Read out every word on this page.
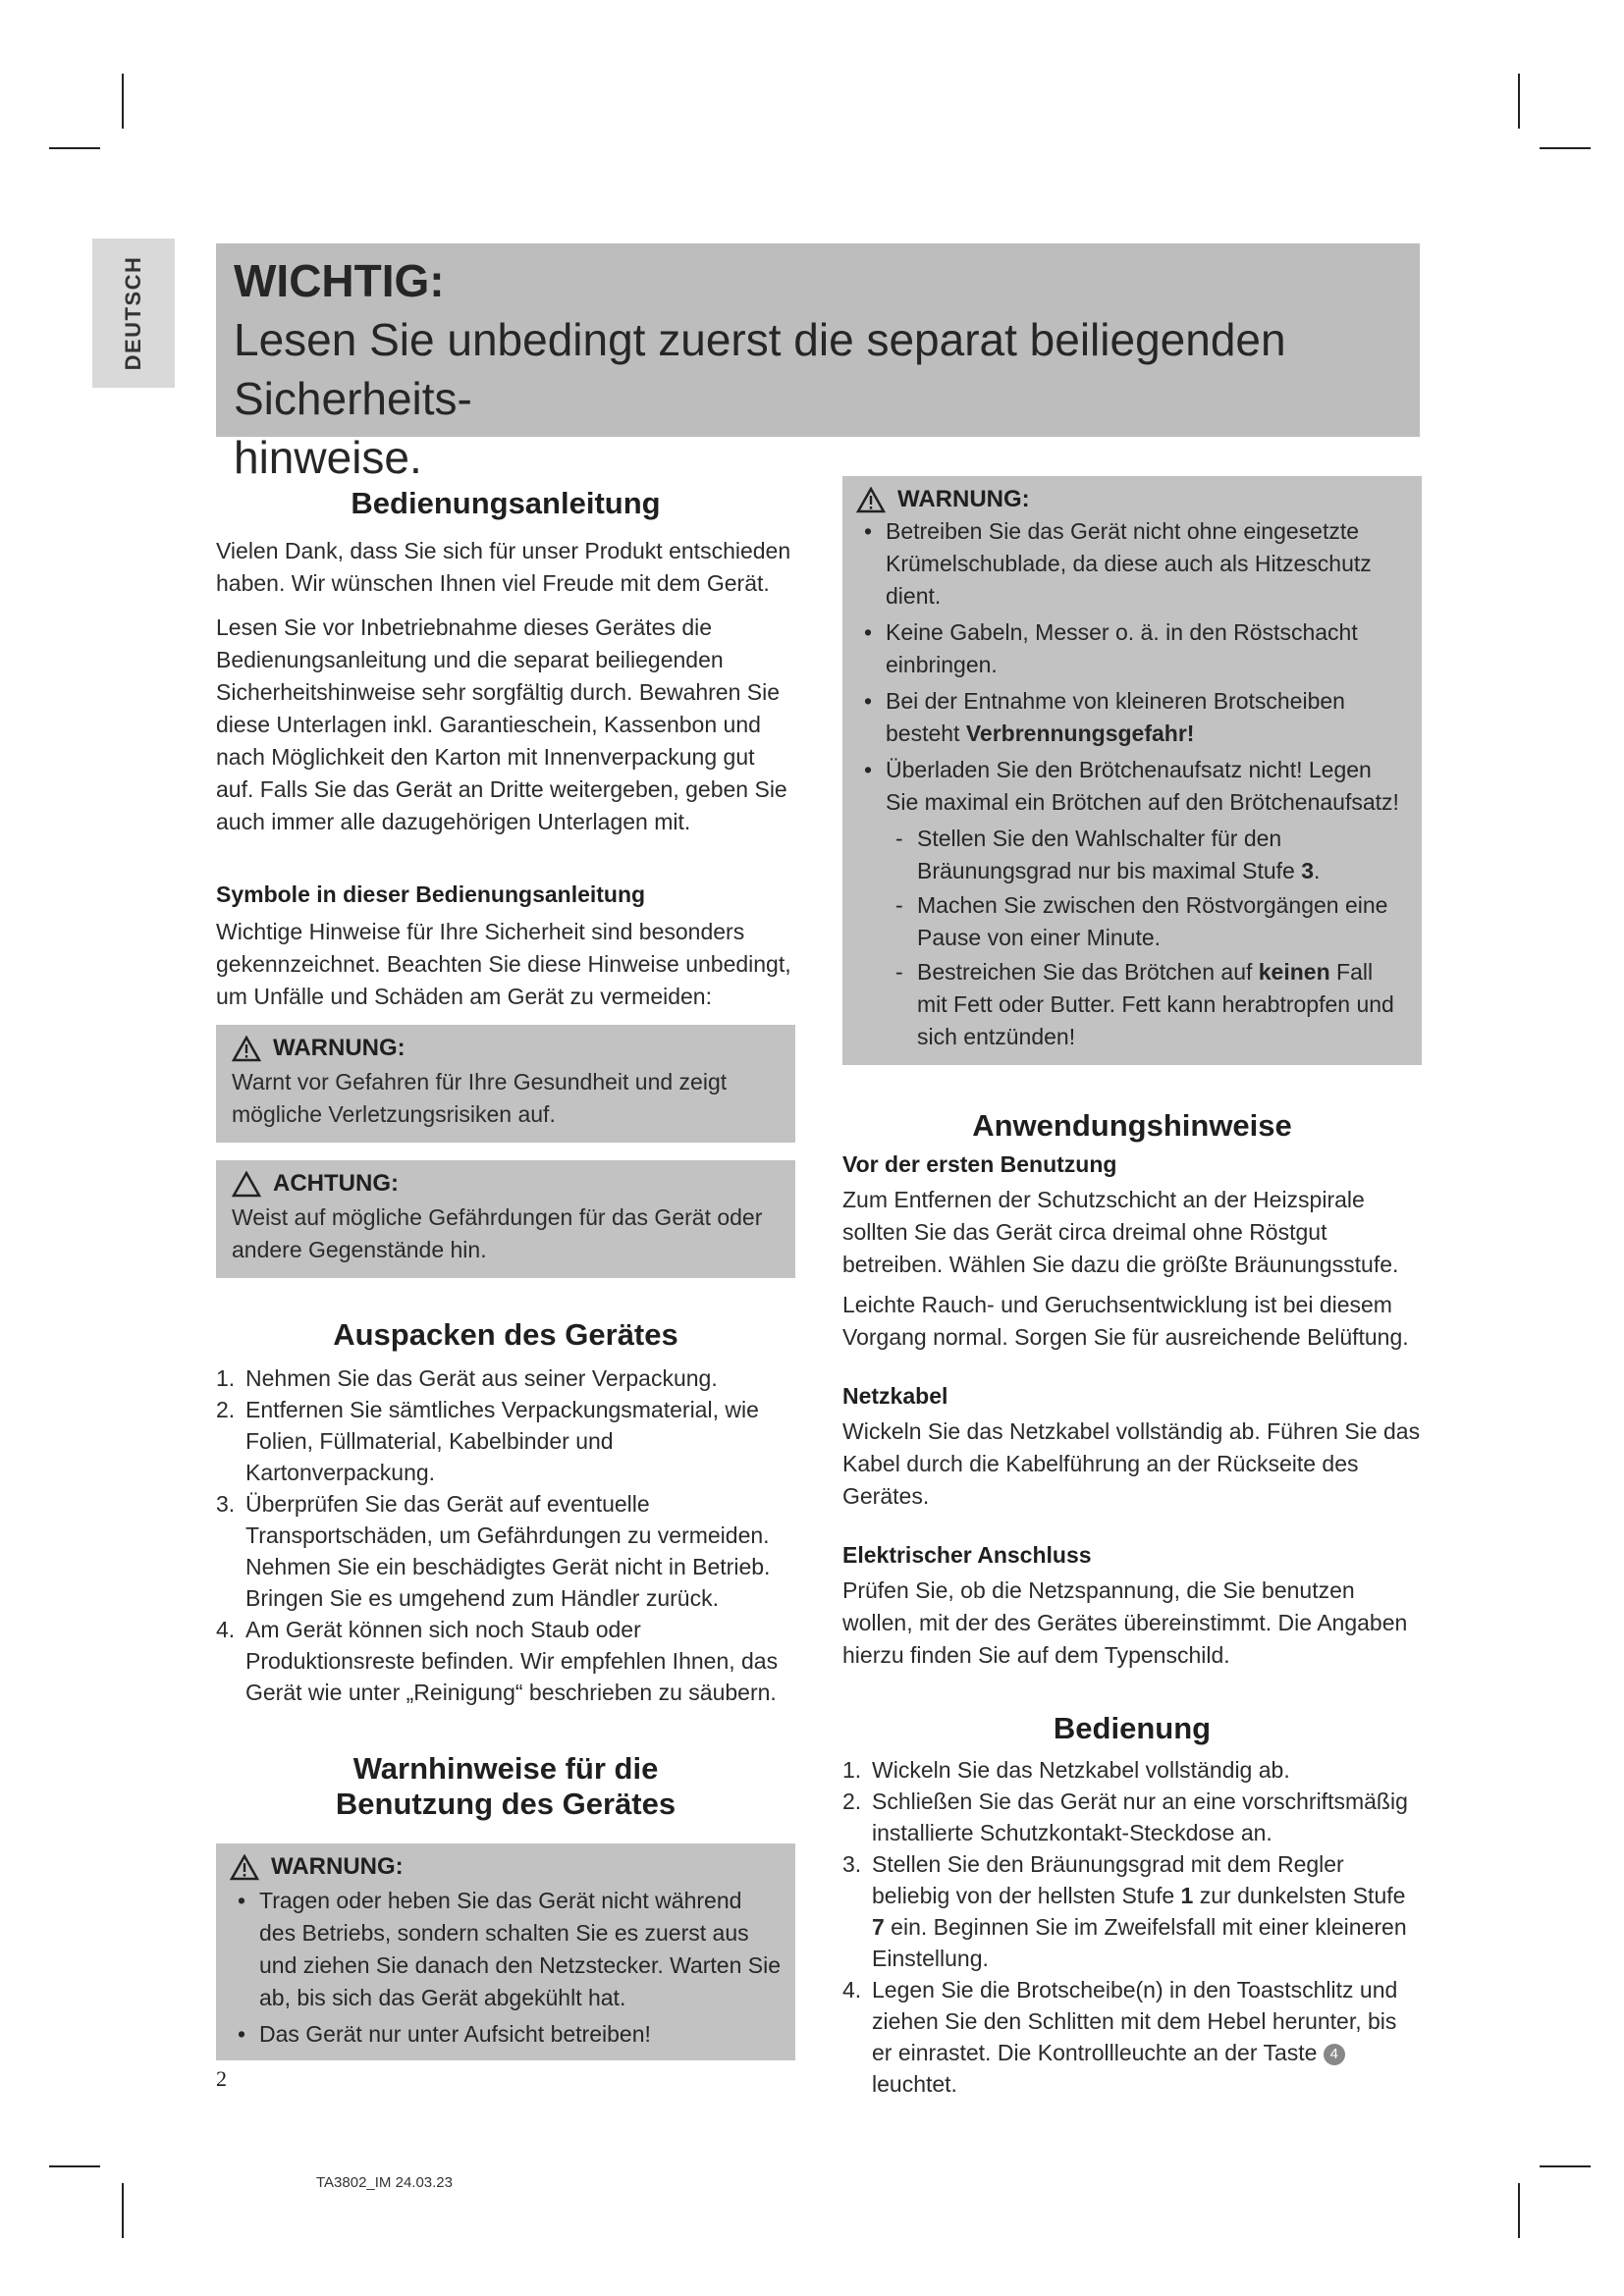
DEUTSCH WICHTIG:
Lesen Sie unbedingt zuerst die separat beiliegenden Sicherheits-
hinweise.
Bedienungsanleitung
Vielen Dank, dass Sie sich für unser Produkt entschieden haben. Wir wünschen Ihnen viel Freude mit dem Gerät.
Lesen Sie vor Inbetriebnahme dieses Gerätes die Bedienungsanleitung und die separat beiliegenden Sicherheitshinweise sehr sorgfältig durch. Bewahren Sie diese Unterlagen inkl. Garantieschein, Kassenbon und nach Möglichkeit den Karton mit Innenverpackung gut auf. Falls Sie das Gerät an Dritte weitergeben, geben Sie auch immer alle dazugehörigen Unterlagen mit.
Symbole in dieser Bedienungsanleitung
Wichtige Hinweise für Ihre Sicherheit sind besonders gekennzeichnet. Beachten Sie diese Hinweise unbedingt, um Unfälle und Schäden am Gerät zu vermeiden:
WARNUNG:
Warnt vor Gefahren für Ihre Gesundheit und zeigt mögliche Verletzungsrisiken auf.
ACHTUNG:
Weist auf mögliche Gefährdungen für das Gerät oder andere Gegenstände hin.
Auspacken des Gerätes
1. Nehmen Sie das Gerät aus seiner Verpackung.
2. Entfernen Sie sämtliches Verpackungsmaterial, wie Folien, Füllmaterial, Kabelbinder und Kartonverpackung.
3. Überprüfen Sie das Gerät auf eventuelle Transportschäden, um Gefährdungen zu vermeiden. Nehmen Sie ein beschädigtes Gerät nicht in Betrieb. Bringen Sie es umgehend zum Händler zurück.
4. Am Gerät können sich noch Staub oder Produktionsreste befinden. Wir empfehlen Ihnen, das Gerät wie unter „Reinigung“ beschrieben zu säubern.
Warnhinweise für die
Benutzung des Gerätes
WARNUNG:
• Tragen oder heben Sie das Gerät nicht während des Betriebs, sondern schalten Sie es zuerst aus und ziehen Sie danach den Netzstecker. Warten Sie ab, bis sich das Gerät abgekühlt hat.
• Das Gerät nur unter Aufsicht betreiben!
WARNUNG:
• Betreiben Sie das Gerät nicht ohne eingesetzte Krümelschublade, da diese auch als Hitzeschutz dient.
• Keine Gabeln, Messer o. ä. in den Röstschacht einbringen.
• Bei der Entnahme von kleineren Brotscheiben besteht Verbrennungsgefahr!
• Überladen Sie den Brötchenaufsatz nicht! Legen Sie maximal ein Brötchen auf den Brötchenaufsatz!
- Stellen Sie den Wahlschalter für den Bräunungsgrad nur bis maximal Stufe 3.
- Machen Sie zwischen den Röstvorgängen eine Pause von einer Minute.
- Bestreichen Sie das Brötchen auf keinen Fall mit Fett oder Butter. Fett kann herabtropfen und sich entzünden!
Anwendungshinweise
Vor der ersten Benutzung
Zum Entfernen der Schutzschicht an der Heizspirale sollten Sie das Gerät circa dreimal ohne Röstgut betreiben. Wählen Sie dazu die größte Bräunungsstufe.
Leichte Rauch- und Geruchsentwicklung ist bei diesem Vorgang normal. Sorgen Sie für ausreichende Belüftung.
Netzkabel
Wickeln Sie das Netzkabel vollständig ab. Führen Sie das Kabel durch die Kabelführung an der Rückseite des Gerätes.
Elektrischer Anschluss
Prüfen Sie, ob die Netzspannung, die Sie benutzen wollen, mit der des Gerätes übereinstimmt. Die Angaben hierzu finden Sie auf dem Typenschild.
Bedienung
1. Wickeln Sie das Netzkabel vollständig ab.
2. Schließen Sie das Gerät nur an eine vorschriftsmäßig installierte Schutzkontakt-Steckdose an.
3. Stellen Sie den Bräunungsgrad mit dem Regler beliebig von der hellsten Stufe 1 zur dunkelsten Stufe 7 ein. Beginnen Sie im Zweifelsfall mit einer kleineren Einstellung.
4. Legen Sie die Brotscheibe(n) in den Toastschlitz und ziehen Sie den Schlitten mit dem Hebel herunter, bis er einrastet. Die Kontrollleuchte an der Taste 4leuchtet.
2
TA3802_IM 24.03.23
